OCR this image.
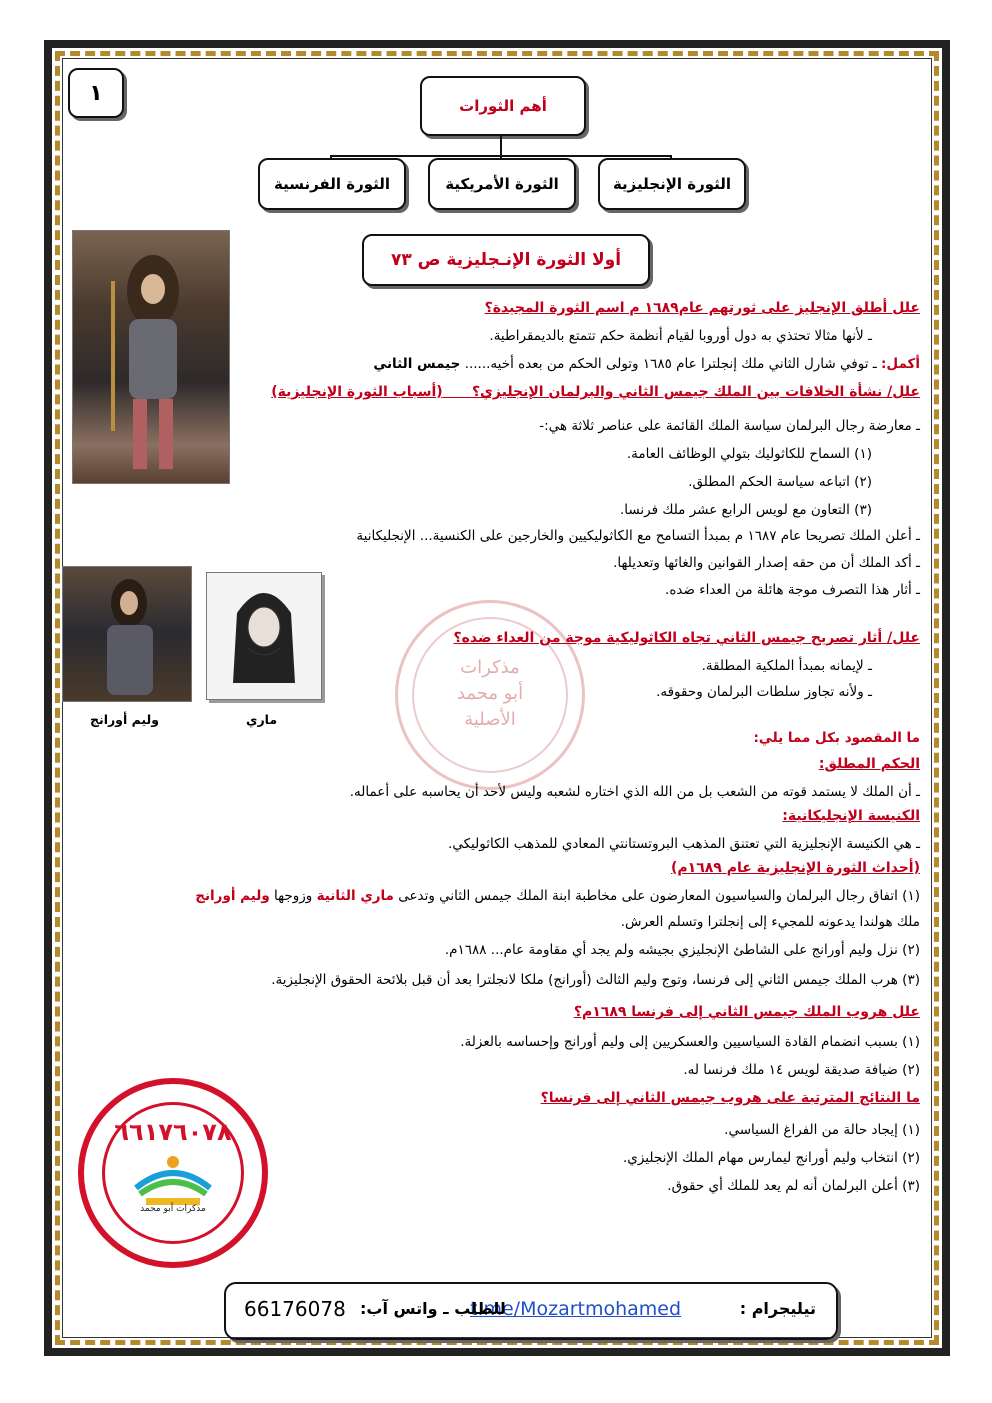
١
أهم الثورات
الثورة الإنجليزية
الثورة الأمريكية
الثورة الفرنسية
أولا الثورة الإنـجليزية ص ٧٣
علل أطلق الإنجليز على ثورتهم عام١٦٨٩ م اسم الثورة المجيدة؟
ـ لأنها مثالا تحتذي به دول أوروبا لقيام أنظمة حكم تتمتع بالديمقراطية.
أكمل: ـ توفي شارل الثاني ملك إنجلترا عام ١٦٨٥ وتولى الحكم من بعده أخيه...... جيمس الثاني
علل/ نشأة الخلافات بين الملك جيمس الثاني والبرلمان الإنجليزي؟      (أسباب الثورة الإنجليزية)
ـ معارضة رجال البرلمان سياسة الملك القائمة على عناصر ثلاثة هي:-
(١) السماح للكاثوليك بتولي الوظائف العامة.
(٢) اتباعه سياسة الحكم المطلق.
(٣) التعاون مع لويس الرابع عشر ملك فرنسا.
ـ أعلن الملك تصريحا عام ١٦٨٧ م بمبدأ التسامح مع الكاثوليكيين والخارجين على الكنسية... الإنجليكانية
ـ أكد الملك أن من حقه إصدار القوانين والغائها وتعديلها.
ـ أثار هذا التصرف موجة هائلة من العداء ضده.
مذكرات
أبو محمد
الأصلية
وليم أورانج	ماري
علل/ أثار تصريح جيمس الثاني تجاه الكاثوليكية موجة من العداء ضده؟
ـ لإيمانه بمبدأ الملكية المطلقة.
ـ ولأنه تجاوز سلطات البرلمان وحقوقه.
ما المقصود بكل مما يلي:
الحكم المطلق:
ـ أن الملك لا يستمد قوته من الشعب بل من الله الذي اختاره لشعبه وليس لأحد أن يحاسبه على أعماله.
الكنيسة الإنجليكانية:
ـ هي الكنيسة الإنجليزية التي تعتنق المذهب البروتستانتي المعادي للمذهب الكاثوليكي.
(أحداث الثورة الإنجليزية عام ١٦٨٩م)
(١) اتفاق رجال البرلمان والسياسيون المعارضون على مخاطبة ابنة الملك جيمس الثاني وتدعى ماري الثانية وزوجها وليم أورانج
ملك هولندا يدعونه للمجيء إلى إنجلترا وتسلم العرش.
(٢) نزل وليم أورانج على الشاطئ الإنجليزي بجيشه ولم يجد أي مقاومة عام... ١٦٨٨م.
(٣) هرب الملك جيمس الثاني إلى فرنسا، وتوج وليم الثالث (أورانج) ملكا لانجلترا بعد أن قبل بلائحة الحقوق الإنجليزية.
علل هروب الملك جيمس الثاني إلى فرنسا ١٦٨٩م؟
(١) بسبب انضمام القادة السياسيين والعسكريين إلى وليم أورانج وإحساسه بالعزلة.
(٢) ضيافة صديقة لويس ١٤ ملك فرنسا له.
ما النتائج المترتبة على هروب جيمس الثاني إلى فرنسا؟
(١) إيجاد حالة من الفراغ السياسي.
(٢) انتخاب وليم أورانج ليمارس مهام الملك الإنجليزي.
(٣) أعلن البرلمان أنه لم يعد للملك أي حقوق.
٦٦١٧٦٠٧٨
مذكرات أبو محمد
تيليجرام :
t.me/Mozartmohamed
للطلب ـ واتس آب:
66176078
